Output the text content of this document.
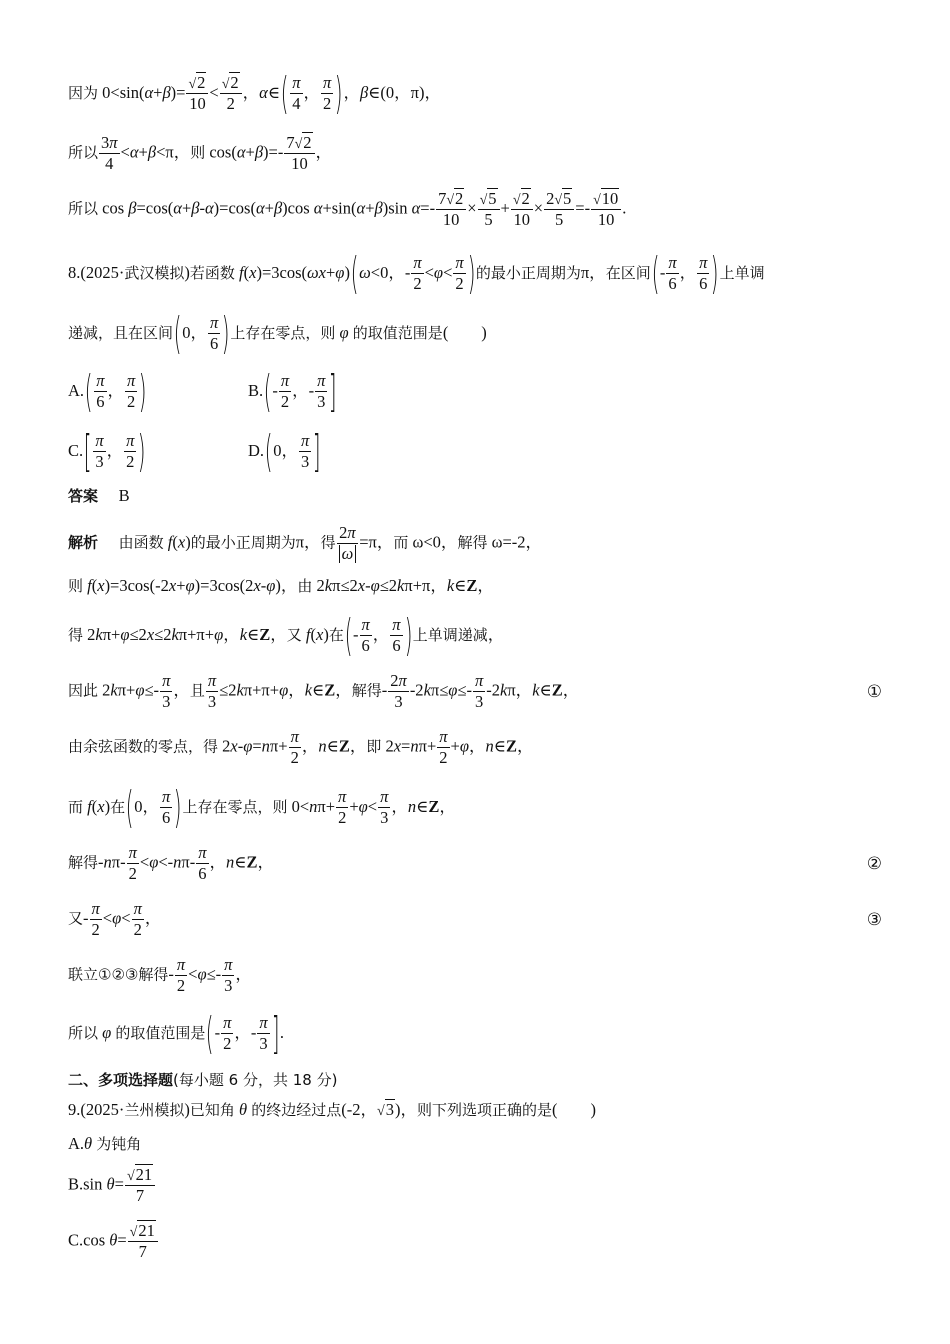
因为 0<sin(α+β)= √ $\frac{2}{10}$ < √ $\frac{2}{2}$ ，α∈( $\frac{\pi}{4}$ ， $\frac{\pi}{2}$ )，β∈(0，π)，
所以 $\frac{3\pi}{4} <\alpha+\beta<\pi$，则 $\cos(\alpha+\beta)=- \frac{7 √ 2}{10}$ ，
所以 cos β=cos(α+β-α)=cos(α+β)cos α+sin(α+β)sin $\alpha=- \frac{7 √ 2}{10}$ × √ $\frac{5}{5}$ + √ $\frac{2}{10} \times \frac{2 √ 5}{5}$ =- √ $\frac{10}{10}$ .
8.(2025·武汉模拟)若函数 f(x)=3cos(ωx+φ)(ω<0，- $\frac{\pi}{2} <\varphi< \frac{\pi}{2}$ )的最小正周期为π，在区间(- $\frac{\pi}{6}$ ， $\frac{\pi}{6}$ )上单调
递减，且在区间(0， $\frac{\pi}{6}$ )上存在零点，则 φ 的取值范围是(　　)
$A.( \frac{\pi}{6}$ ， $\frac{\pi}{2}$ )	$B.(- \frac{\pi}{2}$ ，- $\frac{\pi}{3}$ ]
$C.[ \frac{\pi}{3}$ ， $\frac{\pi}{2}$ )	D.(0， $\frac{\pi}{3}$ ]
答案　 B
解析　 由函数 f(x)的最小正周期为π，得 $\frac{2\pi}{\omega} =\pi$，而 ω<0，解得 ω=-2，
则 f(x)=3cos(-2x+φ)=3cos(2x-φ)，由 2kπ≤2x-φ≤2kπ+π，k∈Z，
得 2kπ+φ≤2x≤2kπ+π+φ，k∈Z，又 f(x)在(- $\frac{\pi}{6}$ ， $\frac{\pi}{6}$ )上单调递减，
因此 $2k\pi+\varphi\le- \frac{\pi}{3}$ ，且 $\frac{\pi}{3} \le 2k\pi+\pi+\varphi$，k∈Z，解得- $\frac{2\pi}{3} -2k\pi\le\varphi\le- \frac{\pi}{3} -2k\pi$，k∈Z，	①
由余弦函数的零点，得 $2x-\varphi=n\pi+ \frac{\pi}{2}$ ，n∈Z，即 $2x=n\pi+ \frac{\pi}{2} +\varphi$，n∈Z，
而 f(x)在(0， $\frac{\pi}{6}$ )上存在零点，则 $0<n\pi+ \frac{\pi}{2} +\varphi< \frac{\pi}{3}$ ，n∈Z，
解得$-n\pi- \frac{\pi}{2} <\varphi<-n\pi- \frac{\pi}{6}$ ，n∈Z，	②
又- $\frac{\pi}{2} <\varphi< \frac{\pi}{2}$ ，	③
联立①②③解得- $\frac{\pi}{2} <\varphi\le- \frac{\pi}{3}$ ，
所以 φ 的取值范围是(- $\frac{\pi}{2}$ ，- $\frac{\pi}{3}$ ].
二、多项选择题(每小题 6 分，共 18 分)
9.(2025·兰州模拟)已知角 θ 的终边经过点(-2， √ 3)，则下列选项正确的是(　　)
A.θ 为钝角
B.sin θ= √ $\frac{21}{7}$
C.cos θ= √ $\frac{21}{7}$
